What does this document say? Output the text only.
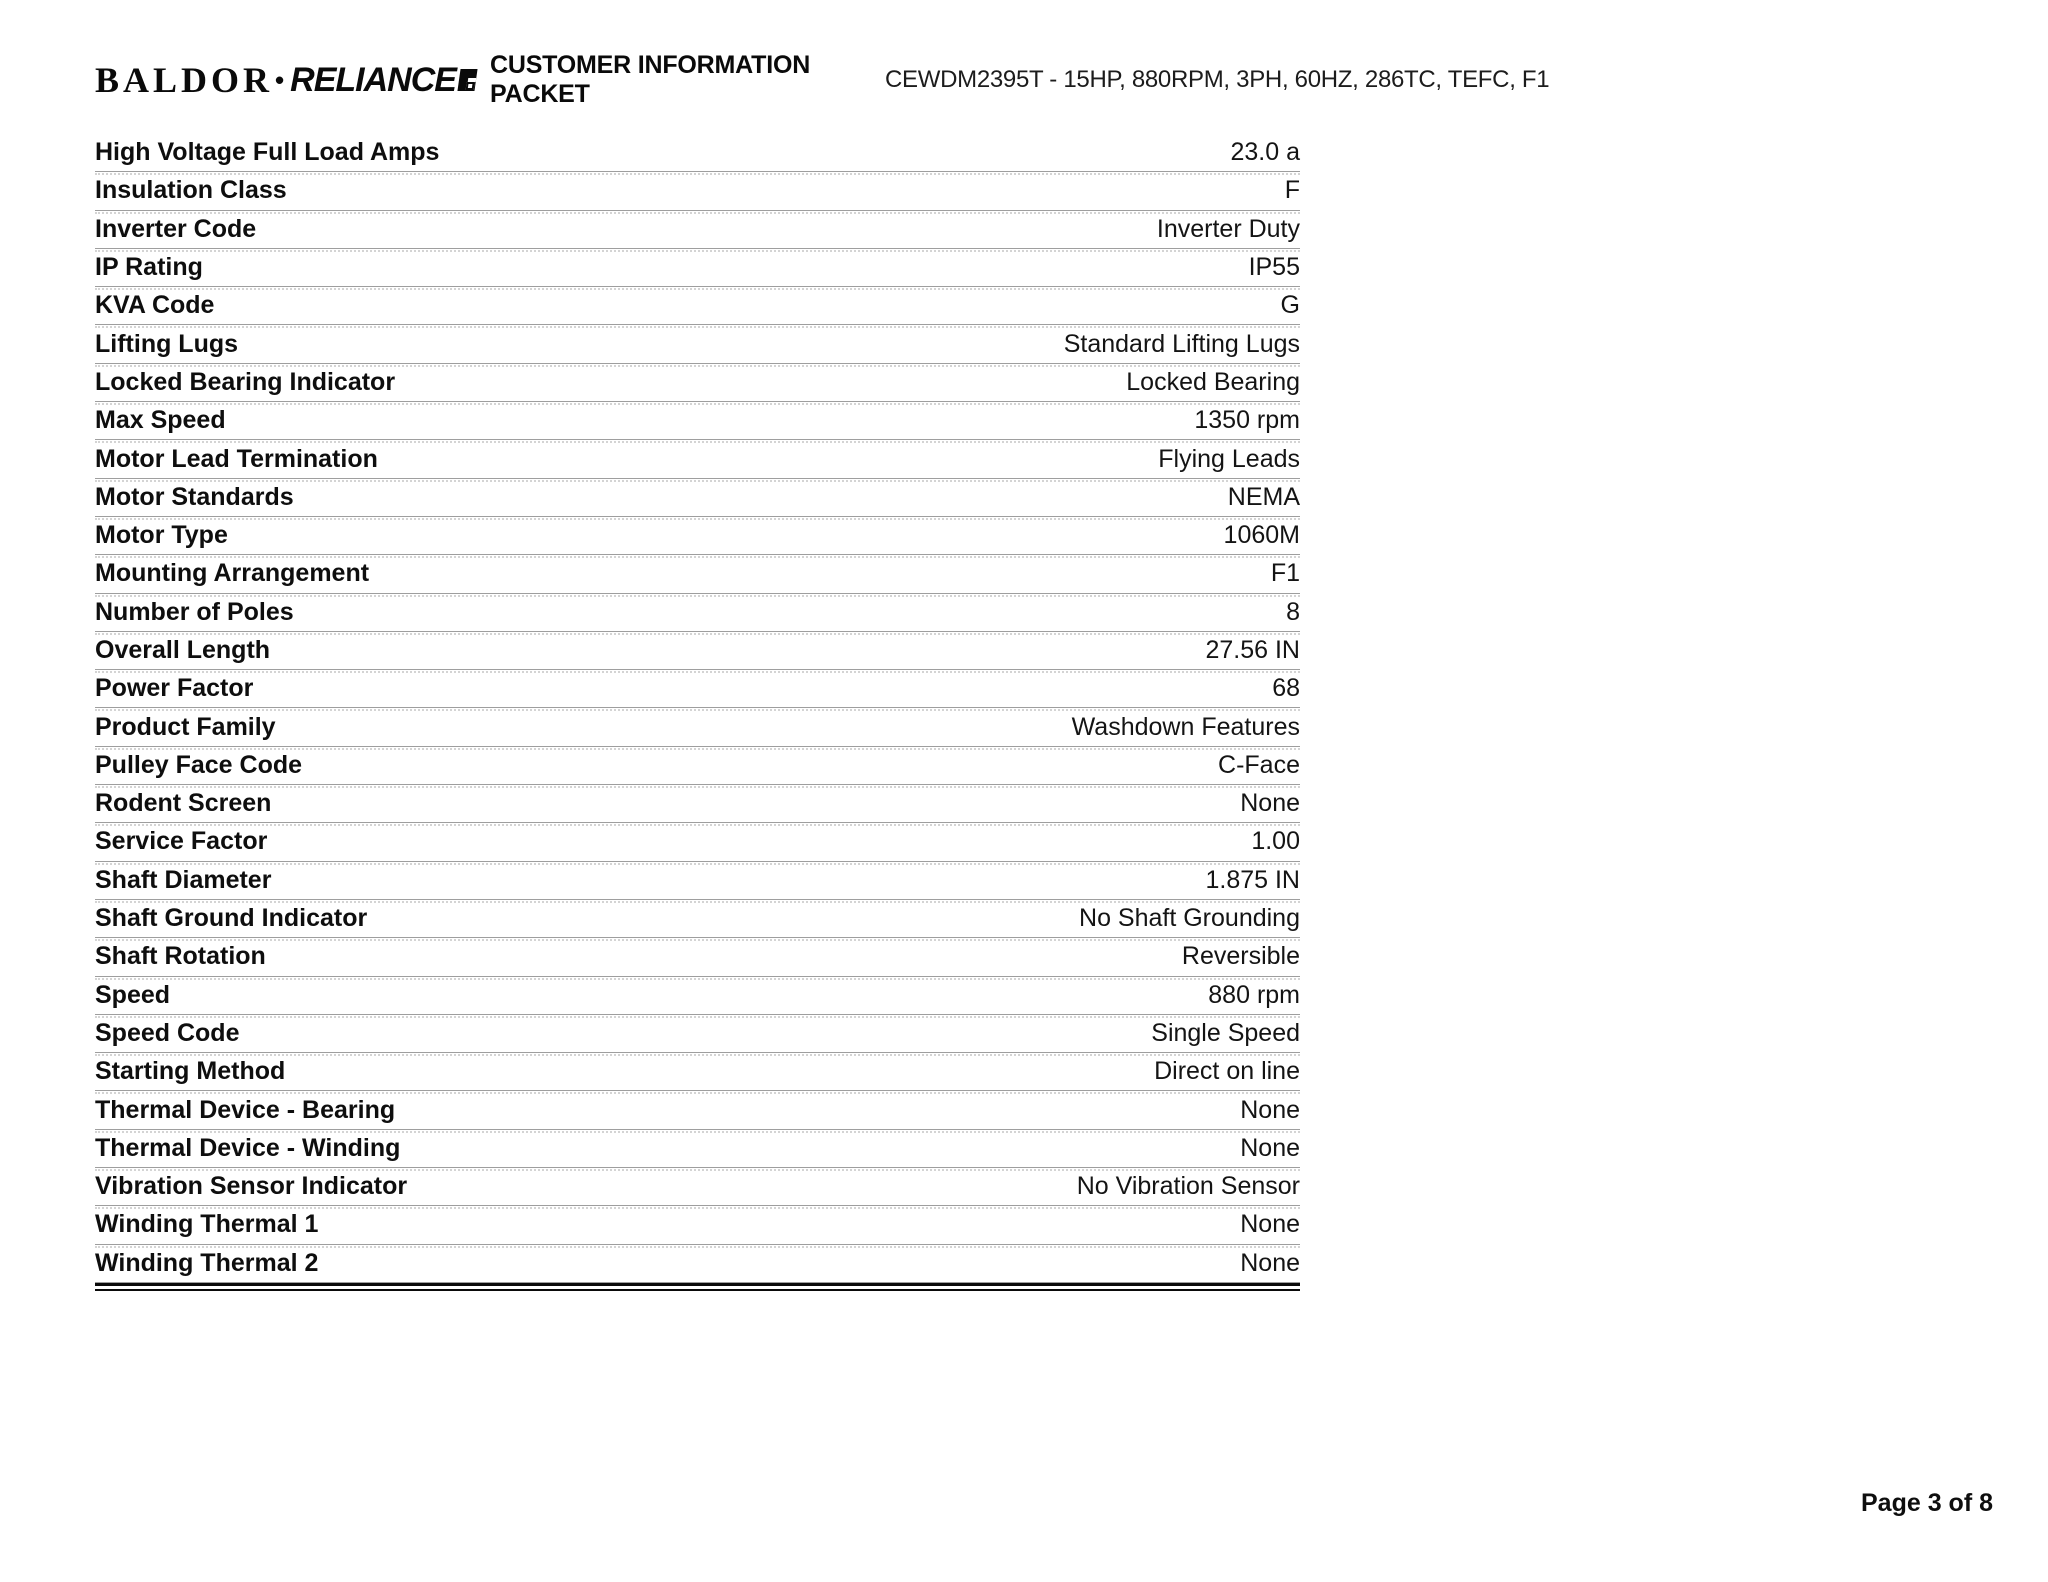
BALDOR • RELIANCE CUSTOMER INFORMATION PACKET
CEWDM2395T - 15HP, 880RPM, 3PH, 60HZ, 286TC, TEFC, F1
High Voltage Full Load Amps	23.0 a
Insulation Class	F
Inverter Code	Inverter Duty
IP Rating	IP55
KVA Code	G
Lifting Lugs	Standard Lifting Lugs
Locked Bearing Indicator	Locked Bearing
Max Speed	1350 rpm
Motor Lead Termination	Flying Leads
Motor Standards	NEMA
Motor Type	1060M
Mounting Arrangement	F1
Number of Poles	8
Overall Length	27.56 IN
Power Factor	68
Product Family	Washdown Features
Pulley Face Code	C-Face
Rodent Screen	None
Service Factor	1.00
Shaft Diameter	1.875 IN
Shaft Ground Indicator	No Shaft Grounding
Shaft Rotation	Reversible
Speed	880 rpm
Speed Code	Single Speed
Starting Method	Direct on line
Thermal Device - Bearing	None
Thermal Device - Winding	None
Vibration Sensor Indicator	No Vibration Sensor
Winding Thermal 1	None
Winding Thermal 2	None
Page 3 of 8
